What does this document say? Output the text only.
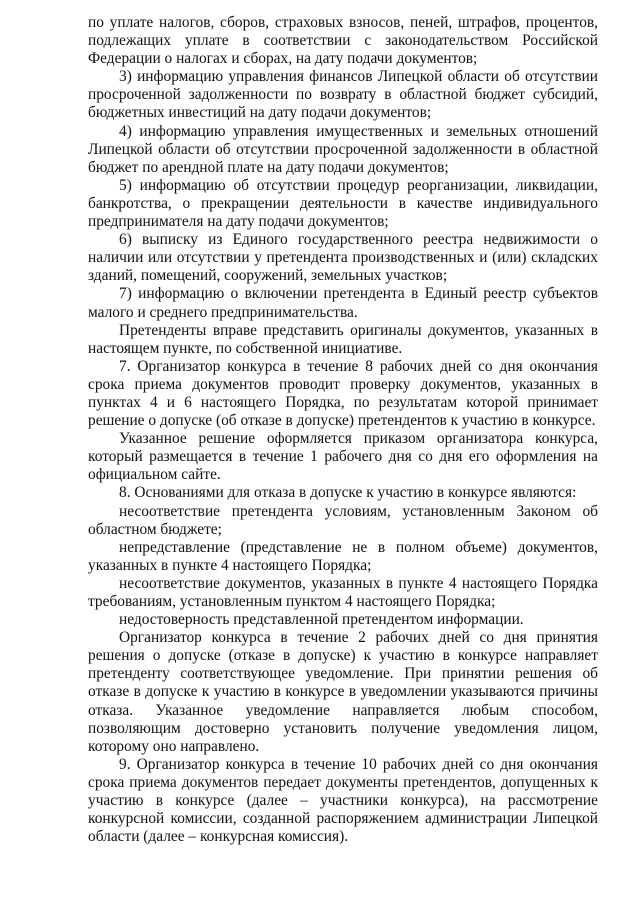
по уплате налогов, сборов, страховых взносов, пеней, штрафов, процентов, подлежащих уплате в соответствии с законодательством Российской Федерации о налогах и сборах, на дату подачи документов;

3) информацию управления финансов Липецкой области об отсутствии просроченной задолженности по возврату в областной бюджет субсидий, бюджетных инвестиций на дату подачи документов;

4) информацию управления имущественных и земельных отношений Липецкой области об отсутствии просроченной задолженности в областной бюджет по арендной плате на дату подачи документов;

5) информацию об отсутствии процедур реорганизации, ликвидации, банкротства, о прекращении деятельности в качестве индивидуального предпринимателя на дату подачи документов;

6) выписку из Единого государственного реестра недвижимости о наличии или отсутствии у претендента производственных и (или) складских зданий, помещений, сооружений, земельных участков;

7) информацию о включении претендента в Единый реестр субъектов малого и среднего предпринимательства.

Претенденты вправе представить оригиналы документов, указанных в настоящем пункте, по собственной инициативе.

7. Организатор конкурса в течение 8 рабочих дней со дня окончания срока приема документов проводит проверку документов, указанных в пунктах 4 и 6 настоящего Порядка, по результатам которой принимает решение о допуске (об отказе в допуске) претендентов к участию в конкурсе.

Указанное решение оформляется приказом организатора конкурса, который размещается в течение 1 рабочего дня со дня его оформления на официальном сайте.

8. Основаниями для отказа в допуске к участию в конкурсе являются:

несоответствие претендента условиям, установленным Законом об областном бюджете;

непредставление (представление не в полном объеме) документов, указанных в пункте 4 настоящего Порядка;

несоответствие документов, указанных в пункте 4 настоящего Порядка требованиям, установленным пунктом 4 настоящего Порядка;

недостоверность представленной претендентом информации.

Организатор конкурса в течение 2 рабочих дней со дня принятия решения о допуске (отказе в допуске) к участию в конкурсе направляет претенденту соответствующее уведомление. При принятии решения об отказе в допуске к участию в конкурсе в уведомлении указываются причины отказа. Указанное уведомление направляется любым способом, позволяющим достоверно установить получение уведомления лицом, которому оно направлено.

9. Организатор конкурса в течение 10 рабочих дней со дня окончания срока приема документов передает документы претендентов, допущенных к участию в конкурсе (далее – участники конкурса), на рассмотрение конкурсной комиссии, созданной распоряжением администрации Липецкой области (далее – конкурсная комиссия).
